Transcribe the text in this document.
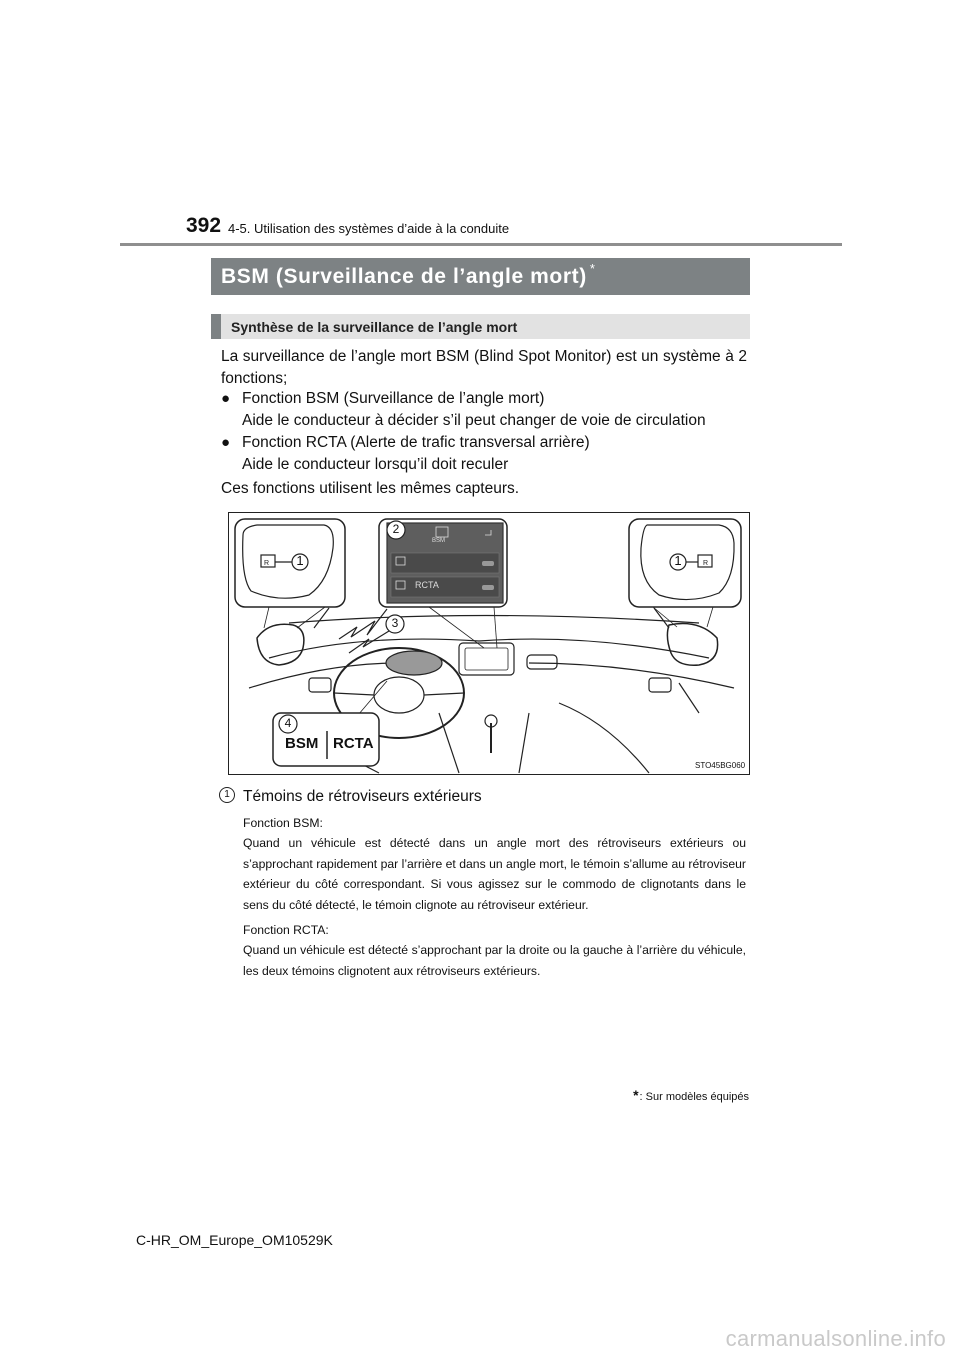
392 4-5. Utilisation des systèmes d’aide à la conduite
BSM (Surveillance de l’angle mort) *
Synthèse de la surveillance de l’angle mort
La surveillance de l’angle mort BSM (Blind Spot Monitor) est un système à 2 fonctions;
● Fonction BSM (Surveillance de l’angle mort)
Aide le conducteur à décider s’il peut changer de voie de circulation
● Fonction RCTA (Alerte de trafic transversal arrière)
Aide le conducteur lorsqu’il doit reculer
Ces fonctions utilisent les mêmes capteurs.
R	R
1	1
2
3
4
BSM
RCTA
BSM RCTA
STO45BG060
1 Témoins de rétroviseurs extérieurs
Fonction BSM:
Quand un véhicule est détecté dans un angle mort des rétroviseurs extérieurs ou s’approchant rapidement par l’arrière et dans un angle mort, le témoin s’allume au rétroviseur extérieur du côté correspondant. Si vous agissez sur le commodo de clignotants dans le sens du côté détecté, le témoin clignote au rétroviseur extérieur.
Fonction RCTA:
Quand un véhicule est détecté s’approchant par la droite ou la gauche à l’arrière du véhicule, les deux témoins clignotent aux rétroviseurs extérieurs.
*: Sur modèles équipés
C-HR_OM_Europe_OM10529K
carmanualsonline.info
